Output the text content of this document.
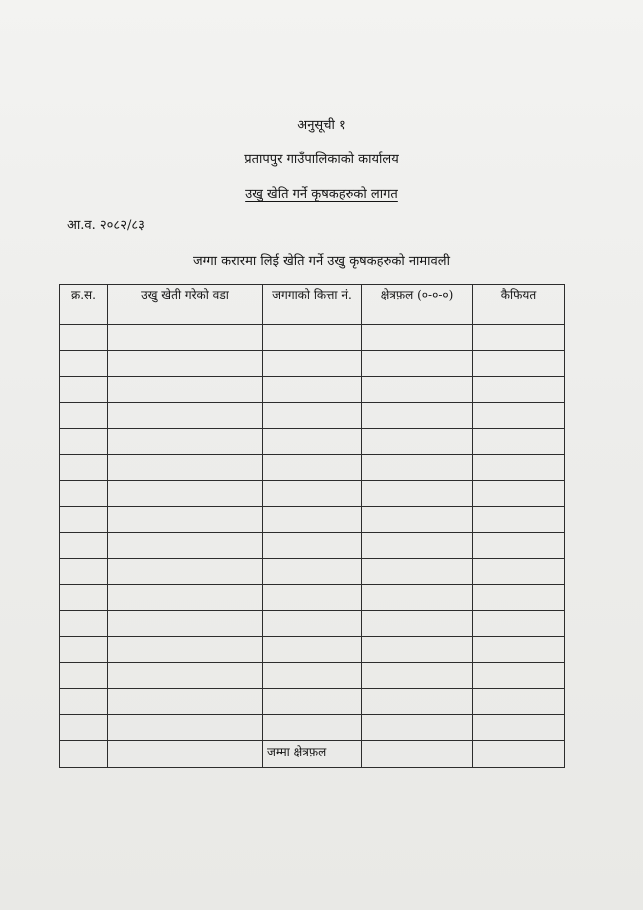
अनुसूची १
प्रतापपुर गाउँपालिकाको कार्यालय
उखु खेति गर्ने कृषकहरुको लागत
आ.व. २०८२/८३
जग्गा करारमा लिई खेति गर्ने उखु कृषकहरुको नामावली
क्र.स.	उखु खेती गरेको वडा	जगगाको कित्ता नं.	क्षेत्रफ़ल (०-०-०)	कैफियत

		जम्मा क्षेत्रफ़ल		
